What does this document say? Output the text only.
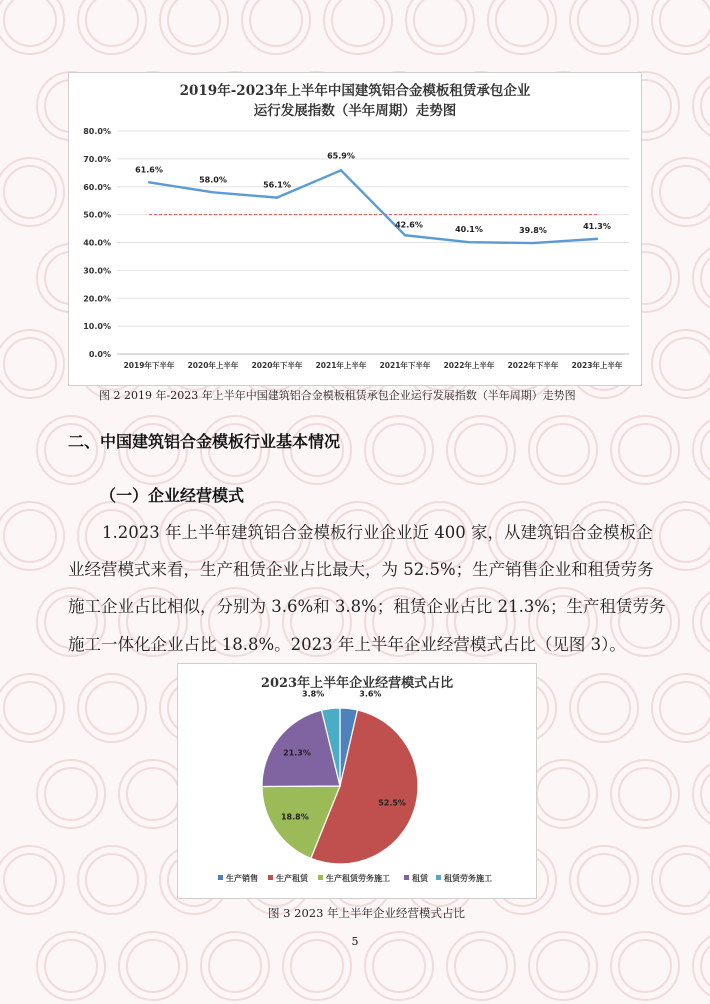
2019年-2023年上半年中国建筑铝合金模板租赁承包企业
运行发展指数（半年周期）走势图
0.0%
10.0%
20.0%
30.0%
40.0%
50.0%
60.0%
70.0%
80.0%
2019年下半年 2020年上半年 2020年下半年 2021年上半年 2021年下半年 2022年上半年 2022年下半年 2023年上半年
61.6%
58.0%
56.1%
65.9%
42.6%
40.1%	39.8%	41.3%
图 2 2019 年-2023 年上半年中国建筑铝合金模板租赁承包企业运行发展指数（半年周期）走势图
二、中国建筑铝合金模板行业基本情况
（一）企业经营模式
1.2023 年上半年建筑铝合金模板行业企业近 400 家，从建筑铝合金模板企
业经营模式来看，生产租赁企业占比最大，为 52.5%；生产销售企业和租赁劳务
施工企业占比相似，分别为 3.6%和 3.8%；租赁企业占比 21.3%；生产租赁劳务
施工一体化企业占比 18.8%。2023 年上半年企业经营模式占比（见图 3）。
2023年上半年企业经营模式占比
3.6%
52.5%
18.8%
21.3%
3.8%
生产销售 生产租赁 生产租赁劳务施工	租赁 租赁劳务施工
图 3 2023 年上半年企业经营模式占比
5
